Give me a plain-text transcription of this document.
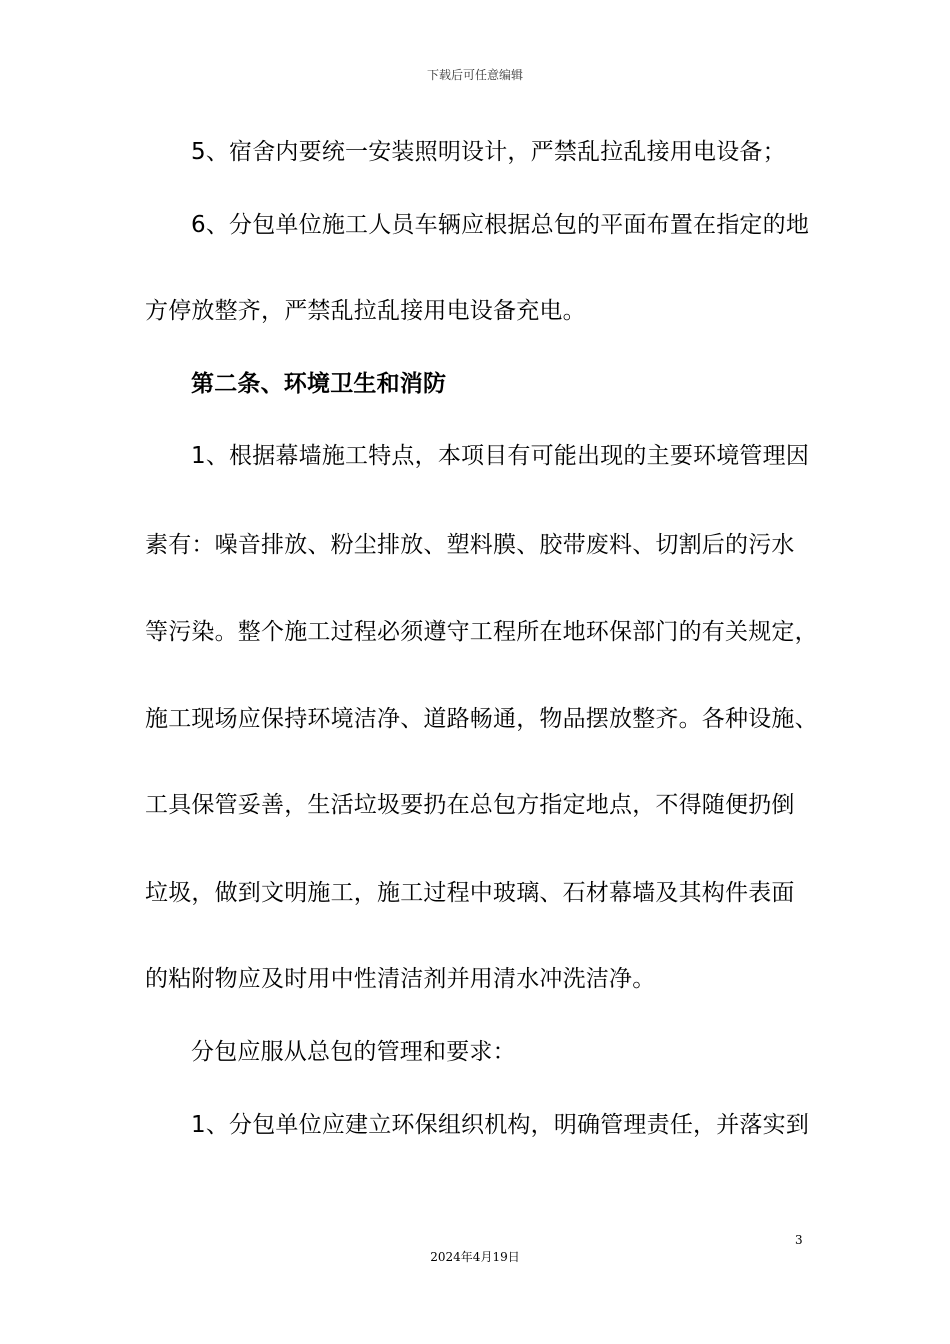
下载后可任意编辑
5、宿舍内要统一安装照明设计，严禁乱拉乱接用电设备；
6、分包单位施工人员车辆应根据总包的平面布置在指定的地
方停放整齐，严禁乱拉乱接用电设备充电。
第二条、环境卫生和消防
1、根据幕墙施工特点，本项目有可能出现的主要环境管理因
素有：噪音排放、粉尘排放、塑料膜、胶带废料、切割后的污水
等污染。整个施工过程必须遵守工程所在地环保部门的有关规定，
施工现场应保持环境洁净、道路畅通，物品摆放整齐。各种设施、
工具保管妥善，生活垃圾要扔在总包方指定地点，不得随便扔倒
垃圾，做到文明施工，施工过程中玻璃、石材幕墙及其构件表面
的粘附物应及时用中性清洁剂并用清水冲洗洁净。
分包应服从总包的管理和要求：
1、分包单位应建立环保组织机构，明确管理责任，并落实到
3
2024年4月19日
